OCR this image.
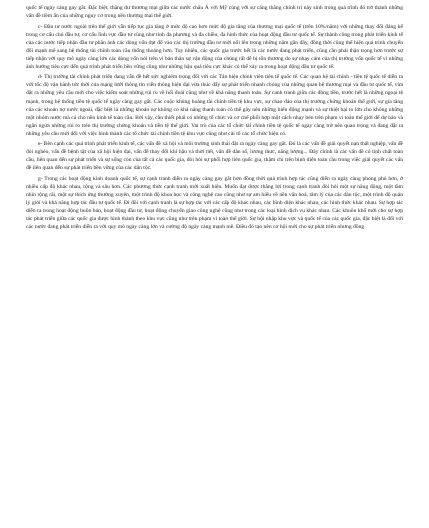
quốc tế ngày càng gay gắt. Đặc biệt, thặng dư thương mại giữa các nước châu Á với Mỹ cùng với sự căng thẳng chính trị này sinh trong quá trình đó trở thành những vấn đề tiềm ẩn của những nguy cơ trong nền thương mại thế giới.

c- Đầu tư nước ngoài trên thế giới vẫn tiếp tục gia tăng ở mức độ cao hơn mức độ gia tăng của thương mại quốc tế (trên 10%/năm) với những thay đổi đáng kể trong cơ cấu chủ đầu tư, cơ cấu lĩnh vực đầu tư cũng như tính đa phương và đa chiều, đa hình thức của hoạt động đầu tư quốc tế. Sự thành công trong phát triển kinh tế của các nước tiếp nhận đầu tư phần ảnh các dòng vốn ởạt đổ vào các thị trường đầu tư mới nổi lên trong những năm gần đây, đồng thời cũng thể hiện quá trình chuyển đổi mạnh mẽ sang hệ thống tài chính toàn cầu thống thoáng hơn. Tuy nhiên, các quốc gia trước hết là các nước đang phát triển, cũng cần phải thận trọng hơn trước sự tiếp nhận với quy mô ngày càng lớn các dòng vốn nói trên vì bản thân sự vận động của chúng rất dễ bị tổn thương do sự nhạy cảm của thị trường vốn quốc tế vì những ảnh hưởng tiêu cực đến quá trình phát triển bền vững cũng như những hậu quả tiêu cực khác có thể xảy ra trong hoạt động đầu tư quốc tế.

d- Thị trường tài chính phát triển đang vẫn đề hết sức nghiêm trọng đối với các Tân hiệu chính viên tiên tế quốc tế. Các quan hệ tài chính - tiền tệ quốc tế diễn ra với tốc độ vận hành tức thời của mạng lưới thông tin viễn thông hiện đại vừa thúc đẩy sự phát triển nhanh chóng của những quan hệ thương mại và đầu tư quốc tế, vừa đặt ra những yêu cầu mới cho việc kiểm soát những rủi ro về hối đoái cũng như về khả năng thanh toán. Sự canh tranh giữa các đồng tiền, trước hết là những ngoại tệ mạnh, trong hệ thống tiền tệ quốc tế ngày càng gay gắt. Các cuộc khủng hoảng tài chính tiền tệ khu vực, sự chao đảo của thị trường chứng khoán thế giới, sự gia tăng của các khoản nợ nước ngoài, đặc biệt là những khoản nợ không có khả năng thanh toán có thể gây nên những biến động mạnh và sự thiệt hại to lớn cho không những một nhóm nước mà cả cho nền kinh tế toàn cầu. Bởi vậy, cần thiết phải có những tổ chức và cơ chế phối hợp một cách nhạy bén trên phạm vi toàn thế giới để dự báo và ngăn ngừa những rủi ro trên thị trường chứng khoán và tiền tệ thế giới. Vai trò của các tổ chức tài chính tiền tệ quốc tế ngày càng trở nên quan trọng và đang đặt ra những yêu cầu mới đối với việc hình thành các tổ chức tài chính tiền tệ khu vực cũng như cải tổ các tổ chức hiện có.

e- Bên cạnh các quá trình phát triển kinh tế, các vấn đề xã hội và môi trường sinh thái đặt ra ngày càng gay gắt. Đó là các vấn đề giải quyết nạn thất nghiệp, vấn đề đói nghèo, vấn đề bệnh tật của xã hội hiện đại, vấn đề thay đổi khí hậu và thời tiết, vấn đề dân số, lương thực, năng lượng... Đây chính là các vấn đề có tính chất toàn cầu, liên quan đến sự phát triển và sự sống còn của tất cả các quốc gia, đòi hỏi sự phối hợp liên quốc gia, thậm chí trên bình diện toàn cầu trong việc giải quyết các vấn đề liên quan đến sự phát triển bền vững của các dân tộc.

g- Trong các hoạt động kinh doanh quốc tế, sự cạnh tranh diễn ra ngày càng gay gắt hơn đồng thời quá trình hợp tác cũng diễn ra ngày càng phong phú hơn, ở nhiều cấp độ khác nhau, rộng và sâu hơn. Các phương thức cạnh tranh mới xuất hiện. Muốn đạt được thắng lợi trong cạnh tranh đòi hỏi một sự năng động, một tầm nhìn rộng rãi, một sự thích ứng thường xuyên, một trình độ khoa học và công nghệ cao cũng như sự am hiểu về nền văn hoá, tâm lý của các dân tộc, một trình độ quản lý giỏi và khả năng hợp tác đầu tư quốc tế. Đi đôi với cạnh tranh là sự hợp tác với các cấp độ khác nhau, các bình diện khác nhau, các hình thức khác nhau. Sự hợp tác diễn ra trong hoạt động buôn bán, hoạt động đầu tư, hoạt động chuyển giao công nghệ cũng như trong các loại hình dịch vụ khác nhau. Các khuôn khổ mới cho sự hợp tác phát triển giữa các quốc gia được hình thành theo khu vực cũng như trên phạm vi toàn thế giới. Sự hội nhập khu vực và quốc tế của các quốc gia, đặc biệt là đối với các nước đang phát triển diễn ra với quy mô ngày càng lớn và cường độ ngày càng mạnh mẽ. Điều đó tạo nên cơ hội mới cho sự phát triển nhưng đồng
